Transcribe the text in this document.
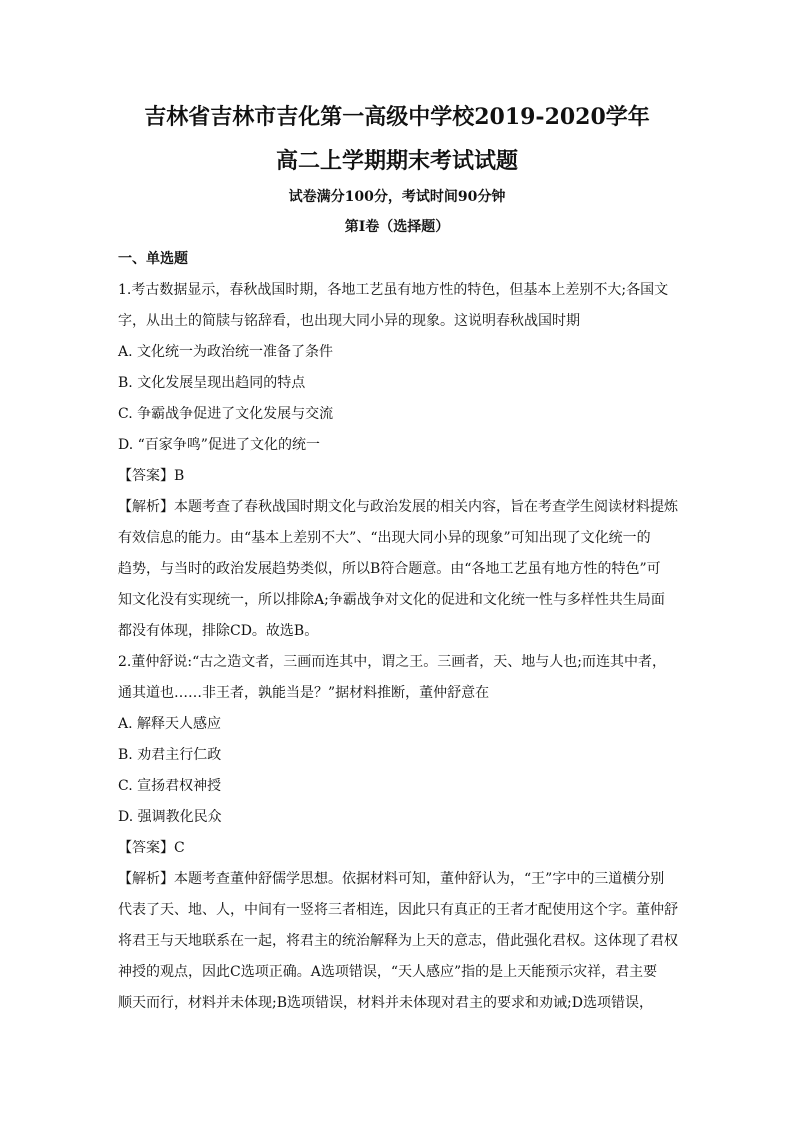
吉林省吉林市吉化第一高级中学校2019-2020学年
高二上学期期末考试试题
试卷满分100分，考试时间90分钟
第Ⅰ卷（选择题）
一、单选题

1.考古数据显示，春秋战国时期，各地工艺虽有地方性的特色，但基本上差别不大;各国文

字，从出土的简牍与铭辞看，也出现大同小异的现象。这说明春秋战国时期

A. 文化统一为政治统一准备了条件

B. 文化发展呈现出趋同的特点

C. 争霸战争促进了文化发展与交流

D. “百家争鸣”促进了文化的统一

【答案】B

【解析】本题考查了春秋战国时期文化与政治发展的相关内容，旨在考查学生阅读材料提炼

有效信息的能力。由“基本上差别不大”、“出现大同小异的现象”可知出现了文化统一的

趋势，与当时的政治发展趋势类似，所以B符合题意。由“各地工艺虽有地方性的特色”可

知文化没有实现统一，所以排除A;争霸战争对文化的促进和文化统一性与多样性共生局面

都没有体现，排除CD。故选B。

2.董仲舒说:“古之造文者，三画而连其中，谓之王。三画者，天、地与人也;而连其中者，

通其道也……非王者，孰能当是？”据材料推断，董仲舒意在

A. 解释天人感应

B. 劝君主行仁政

C. 宣扬君权神授

D. 强调教化民众

【答案】C

【解析】本题考查董仲舒儒学思想。依据材料可知，董仲舒认为，“王”字中的三道横分别

代表了天、地、人，中间有一竖将三者相连，因此只有真正的王者才配使用这个字。董仲舒

将君王与天地联系在一起，将君主的统治解释为上天的意志，借此强化君权。这体现了君权

神授的观点，因此C选项正确。A选项错误，“天人感应”指的是上天能预示灾祥，君主要

顺天而行，材料并未体现;B选项错误，材料并未体现对君主的要求和劝诫;D选项错误，
